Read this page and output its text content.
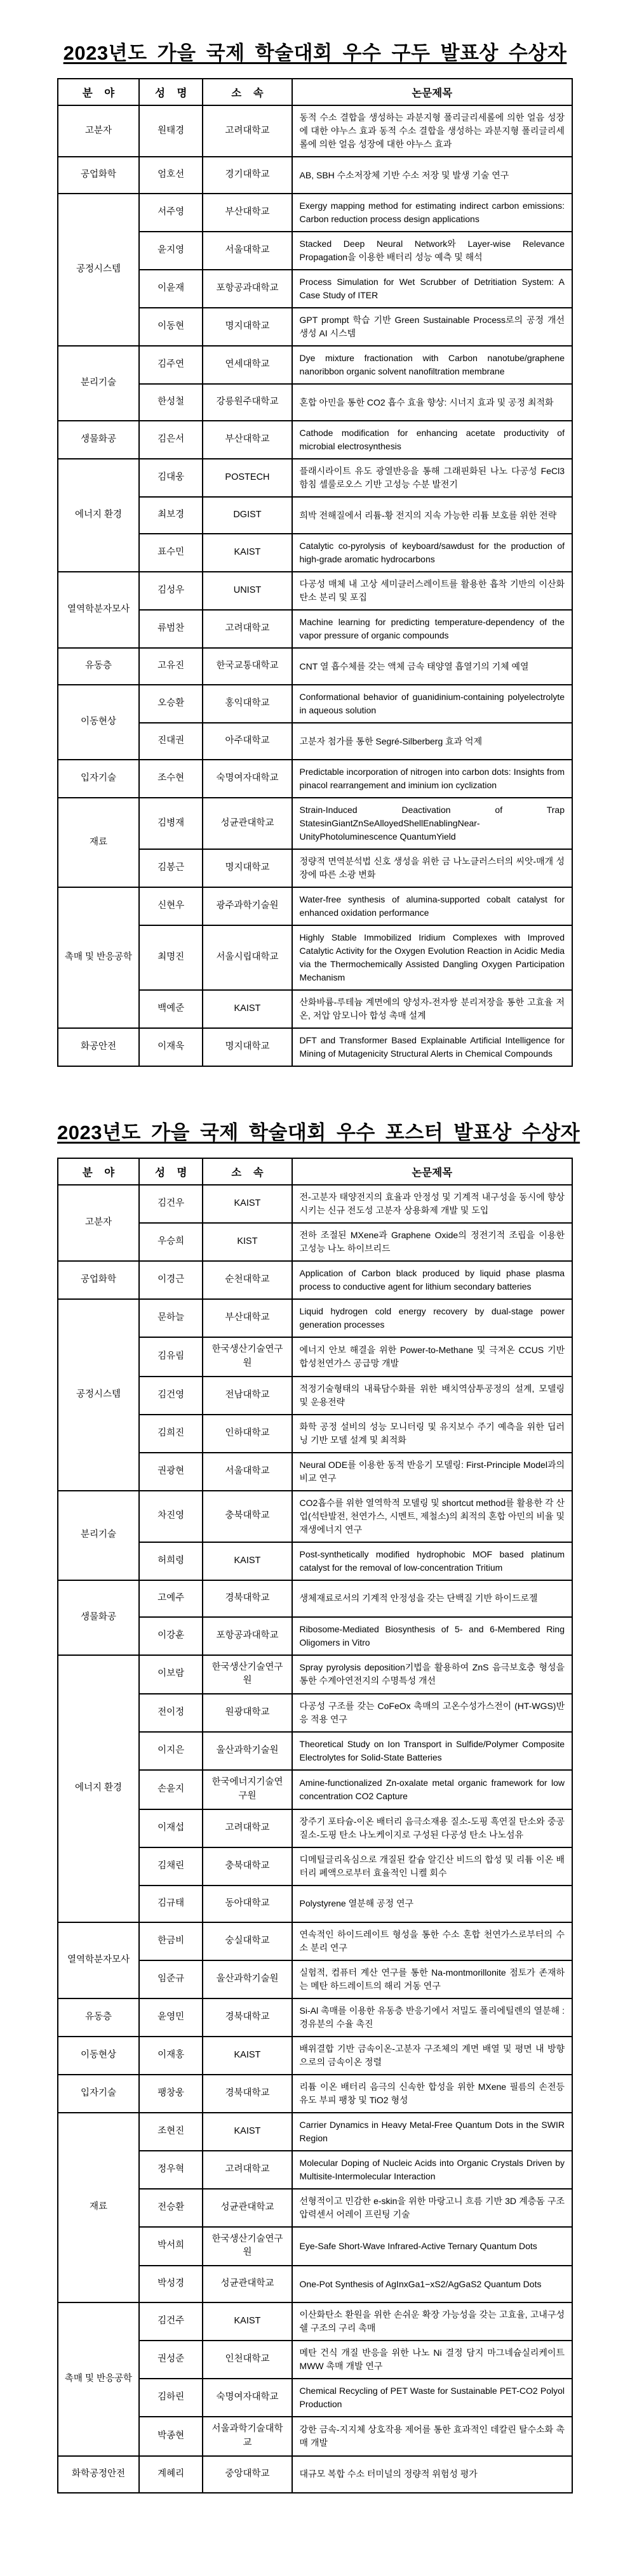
2023년도 가을 국제 학술대회 우수 구두 발표상 수상자
분 야	성 명	소 속	논문제목
고분자	원태경	고려대학교	동적 수소 결합을 생성하는 과분지형 폴리글리세롤에 의한 얼음 성장에 대한 야누스 효과 동적 수소 결합을 생성하는 과분지형 폴리글리세롤에 의한 얼음 성장에 대한 야누스 효과
공업화학	엄호선	경기대학교	AB, SBH 수소저장체 기반 수소 저장 및 발생 기술 연구
공정시스템	서주영	부산대학교	Exergy mapping method for estimating indirect carbon emissions: Carbon reduction process design applications
	윤지영	서울대학교	Stacked Deep Neural Network와 Layer-wise Relevance Propagation을 이용한 배터리 성능 예측 및 해석
	이윤재	포항공과대학교	Process Simulation for Wet Scrubber of Detritiation System: A Case Study of ITER
	이동현	명지대학교	GPT prompt 학습 기반 Green Sustainable Process로의 공정 개선 생성 AI 시스템
분리기술	김주연	연세대학교	Dye mixture fractionation with Carbon nanotube/graphene nanoribbon organic solvent nanofiltration membrane
	한성철	강릉원주대학교	혼합 아민을 통한 CO2 흡수 효율 향상: 시너지 효과 및 공정 최적화
생물화공	김은서	부산대학교	Cathode modification for enhancing acetate productivity of microbial electrosynthesis
에너지 환경	김대웅	POSTECH	플래시라이트 유도 광열반응을 통해 그래핀화된 나노 다공성 FeCl3 함침 셀룰로오스 기반 고성능 수분 발전기
	최보경	DGIST	희박 전해질에서 리튬-황 전지의 지속 가능한 리튬 보호를 위한 전략
	표수민	KAIST	Catalytic co-pyrolysis of keyboard/sawdust for the production of high-grade aromatic hydrocarbons
열역학분자모사	김성우	UNIST	다공성 매체 내 고상 세미클러스레이트를 활용한 흡착 기반의 이산화탄소 분리 및 포집
	류범찬	고려대학교	Machine learning for predicting temperature-dependency of the vapor pressure of organic compounds
유동층	고유진	한국교통대학교	CNT 열 흡수체를 갖는 액체 금속 태양열 흡열기의 기체 예열
이동현상	오승환	홍익대학교	Conformational behavior of guanidinium-containing polyelectrolyte in aqueous solution
	진대권	아주대학교	고분자 첨가를 통한 Segré-Silberberg 효과 억제
입자기술	조수현	숙명여자대학교	Predictable incorporation of nitrogen into carbon dots: Insights from pinacol rearrangement and iminium ion cyclization
재료	김병재	성균관대학교	Strain-Induced Deactivation of Trap StatesinGiantZnSeAlloyedShellEnablingNear-UnityPhotoluminescence QuantumYield
	김봉근	명지대학교	정량적 면역분석법 신호 생성을 위한 금 나노클러스터의 씨앗-매개 성장에 따른 소광 변화
촉매 및 반응공학	신현우	광주과학기술원	Water-free synthesis of alumina-supported cobalt catalyst for enhanced oxidation performance
	최명진	서울시립대학교	Highly Stable Immobilized Iridium Complexes with Improved Catalytic Activity for the Oxygen Evolution Reaction in Acidic Media via the Thermochemically Assisted Dangling Oxygen Participation Mechanism
	백예준	KAIST	산화바륨-루테늄 계면에의 양성자-전자쌍 분리저장을 통한 고효율 저온, 저압 암모니아 합성 촉매 설계
화공안전	이재욱	명지대학교	DFT and Transformer Based Explainable Artificial Intelligence for Mining of Mutagenicity Structural Alerts in Chemical Compounds
2023년도 가을 국제 학술대회 우수 포스터 발표상 수상자
분 야	성 명	소 속	논문제목
고분자	김건우	KAIST	전-고분자 태양전지의 효율과 안정성 및 기계적 내구성을 동시에 향상시키는 신규 전도성 고분자 상용화제 개발 및 도입
	우승희	KIST	전하 조절된 MXene과 Graphene Oxide의 정전기적 조립을 이용한 고성능 나노 하이브리드
공업화학	이경근	순천대학교	Application of Carbon black produced by liquid phase plasma process to conductive agent for lithium secondary batteries
공정시스템	문하늘	부산대학교	Liquid hydrogen cold energy recovery by dual-stage power generation processes
	김유림	한국생산기술연구원	에너지 안보 해결을 위한 Power-to-Methane 및 극저온 CCUS 기반 합성천연가스 공급망 개발
	김건영	전남대학교	적정기술형태의 내륙담수화를 위한 배치역삼투공정의 설계, 모델링 및 운용전략
	김희진	인하대학교	화학 공정 설비의 성능 모니터링 및 유지보수 주기 예측을 위한 딥러닝 기반 모델 설계 및 최적화
	권광현	서울대학교	Neural ODE를 이용한 동적 반응기 모델링: First-Principle Model과의 비교 연구
분리기술	차진영	충북대학교	CO2흡수를 위한 열역학적 모델링 및 shortcut method를 활용한 각 산업(석탄발전, 천연가스, 시멘트, 제철소)의 최적의 혼합 아민의 비율 및 재생에너지 연구
	허희령	KAIST	Post-synthetically modified hydrophobic MOF based platinum catalyst for the removal of low-concentration Tritium
생물화공	고예주	경북대학교	생체재료로서의 기계적 안정성을 갖는 단백질 기반 하이드로젤
	이강훈	포항공과대학교	Ribosome-Mediated Biosynthesis of 5- and 6-Membered Ring Oligomers in Vitro
에너지 환경	이보람	한국생산기술연구원	Spray pyrolysis deposition기법을 활용하여 ZnS 음극보호층 형성을 통한 수계아연전지의 수명특성 개선
	전이정	원광대학교	다공성 구조를 갖는 CoFeOx 촉매의 고온수성가스전이 (HT-WGS)반응 적용 연구
	이지은	울산과학기술원	Theoretical Study on Ion Transport in Sulfide/Polymer Composite Electrolytes for Solid-State Batteries
	손윤지	한국에너지기술연구원	Amine-functionalized Zn-oxalate metal organic framework for low concentration CO2 Capture
	이재섭	고려대학교	장주기 포타슘-이온 배터리 음극소재용 질소-도핑 흑연질 탄소와 중공 질소-도핑 탄소 나노케이지로 구성된 다공성 탄소 나노섬유
	김채린	충북대학교	디메틸글리옥심으로 개질된 칼슘 알긴산 비드의 합성 및 리튬 이온 배터리 폐액으로부터 효율적인 니켈 회수
	김규태	동아대학교	Polystyrene 열분해 공정 연구
열역학분자모사	한금비	숭실대학교	연속적인 하이드레이트 형성을 통한 수소 혼합 천연가스로부터의 수소 분리 연구
	임준규	울산과학기술원	실험적, 컴퓨터 계산 연구를 통한 Na-montmorillonite 점토가 존재하는 메탄 하드레이트의 해리 거동 연구
유동층	윤영민	경북대학교	Si-Al 촉매를 이용한 유동층 반응기에서 저밀도 폴리에틸렌의 열분해 : 경유분의 수율 촉진
이동현상	이재홍	KAIST	배위결합 기반 금속이온-고분자 구조체의 계면 배열 및 평면 내 방향으로의 금속이온 정렬
입자기술	팽창웅	경북대학교	리튬 이온 배터리 음극의 신속한 합성을 위한 MXene 필름의 손전등 유도 부피 팽창 및 TiO2 형성
재료	조현진	KAIST	Carrier Dynamics in Heavy Metal-Free Quantum Dots in the SWIR Region
	정우혁	고려대학교	Molecular Doping of Nucleic Acids into Organic Crystals Driven by Multisite-Intermolecular Interaction
	전승환	성균관대학교	선형적이고 민감한 e-skin을 위한 마랑고니 흐름 기반 3D 계층돔 구조 압력센서 어레이 프린팅 기술
	박서희	한국생산기술연구원	Eye-Safe Short-Wave Infrared-Active Ternary Quantum Dots
	박성경	성균관대학교	One-Pot Synthesis of AgInxGa1−xS2/AgGaS2 Quantum Dots
촉매 및 반응공학	김건주	KAIST	이산화탄소 환원을 위한 손쉬운 확장 가능성을 갖는 고효율, 고내구성 쉘 구조의 구리 촉매
	권성준	인천대학교	메탄 건식 개질 반응을 위한 나노 Ni 결정 담지 마그네슘실리케이트 MWW 촉매 개발 연구
	김하린	숙명여자대학교	Chemical Recycling of PET Waste for Sustainable PET-CO2 Polyol Production
	박종현	서울과학기술대학교	강한 금속-지지체 상호작용 제어를 통한 효과적인 데칼린 탈수소화 촉매 개발
화학공정안전	계혜리	중앙대학교	대규모 복합 수소 터미널의 정량적 위험성 평가
